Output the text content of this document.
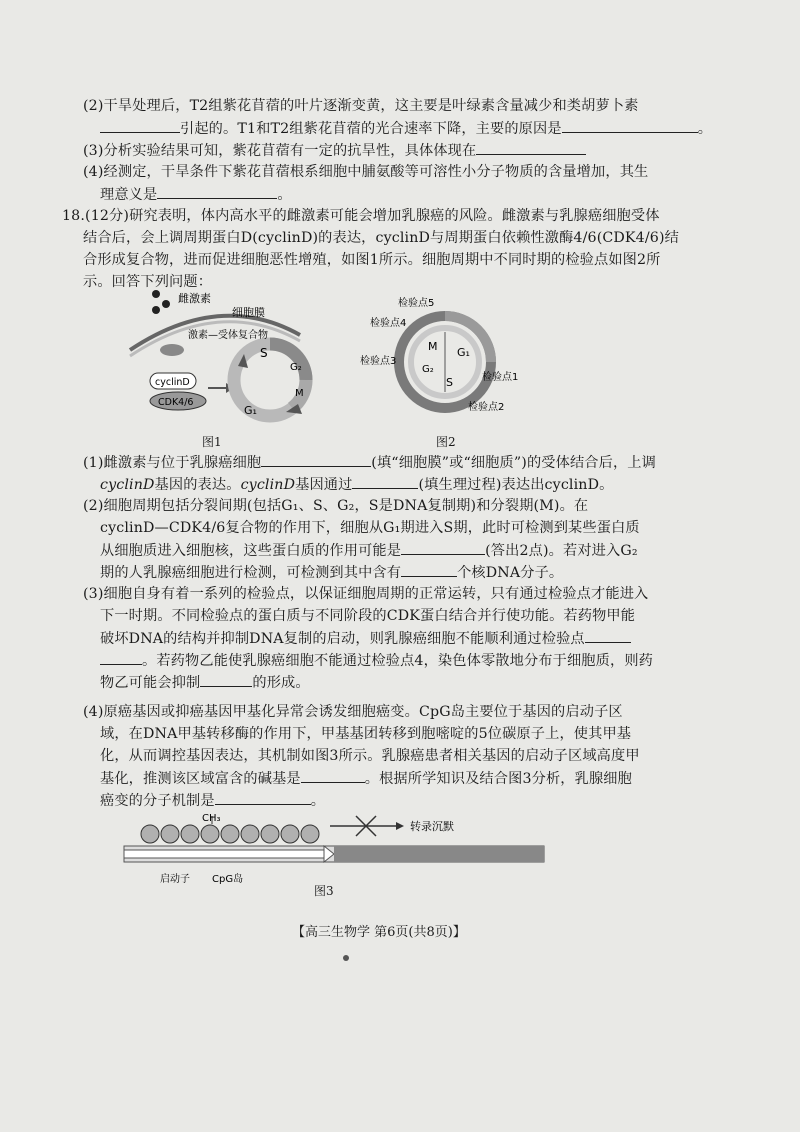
(2)干旱处理后，T2组紫花苜蓿的叶片逐渐变黄，这主要是叶绿素含量减少和类胡萝卜素
引起的。T1和T2组紫花苜蓿的光合速率下降，主要的原因是	。
(3)分析实验结果可知，紫花苜蓿有一定的抗旱性，具体体现在
(4)经测定，干旱条件下紫花苜蓿根系细胞中脯氨酸等可溶性小分子物质的含量增加，其生
理意义是	。
18.(12分)研究表明，体内高水平的雌激素可能会增加乳腺癌的风险。雌激素与乳腺癌细胞受体
结合后，会上调周期蛋白D(cyclinD)的表达，cyclinD与周期蛋白依赖性激酶4/6(CDK4/6)结
合形成复合物，进而促进细胞恶性增殖，如图1所示。细胞周期中不同时期的检验点如图2所
示。回答下列问题：
雌激素
细胞膜
激素—受体复合物
cyclinD
CDK4/6
S
G₂
M
G₁
图1
检验点5
检验点4
检验点3
检验点1
检验点2
M G₁
G₂
S
图2
(1)雌激素与位于乳腺癌细胞	(填“细胞膜”或“细胞质”)的受体结合后，上调
cyclinD基因的表达。cyclinD基因通过	(填生理过程)表达出cyclinD。
(2)细胞周期包括分裂间期(包括G₁、S、G₂，S是DNA复制期)和分裂期(M)。在
cyclinD—CDK4/6复合物的作用下，细胞从G₁期进入S期，此时可检测到某些蛋白质
从细胞质进入细胞核，这些蛋白质的作用可能是	(答出2点)。若对进入G₂
期的人乳腺癌细胞进行检测，可检测到其中含有	个核DNA分子。
(3)细胞自身有着一系列的检验点，以保证细胞周期的正常运转，只有通过检验点才能进入
下一时期。不同检验点的蛋白质与不同阶段的CDK蛋白结合并行使功能。若药物甲能
破坏DNA的结构并抑制DNA复制的启动，则乳腺癌细胞不能顺利通过检验点
。若药物乙能使乳腺癌细胞不能通过检验点4，染色体零散地分布于细胞质，则药
物乙可能会抑制	的形成。
(4)原癌基因或抑癌基因甲基化异常会诱发细胞癌变。CpG岛主要位于基因的启动子区
域，在DNA甲基转移酶的作用下，甲基基团转移到胞嘧啶的5位碳原子上，使其甲基
化，从而调控基因表达，其机制如图3所示。乳腺癌患者相关基因的启动子区域高度甲
基化，推测该区域富含的碱基是	。根据所学知识及结合图3分析，乳腺细胞
癌变的分子机制是	。
CH₃
转录沉默
启动子 CpG岛
图3
【高三生物学 第6页(共8页)】
